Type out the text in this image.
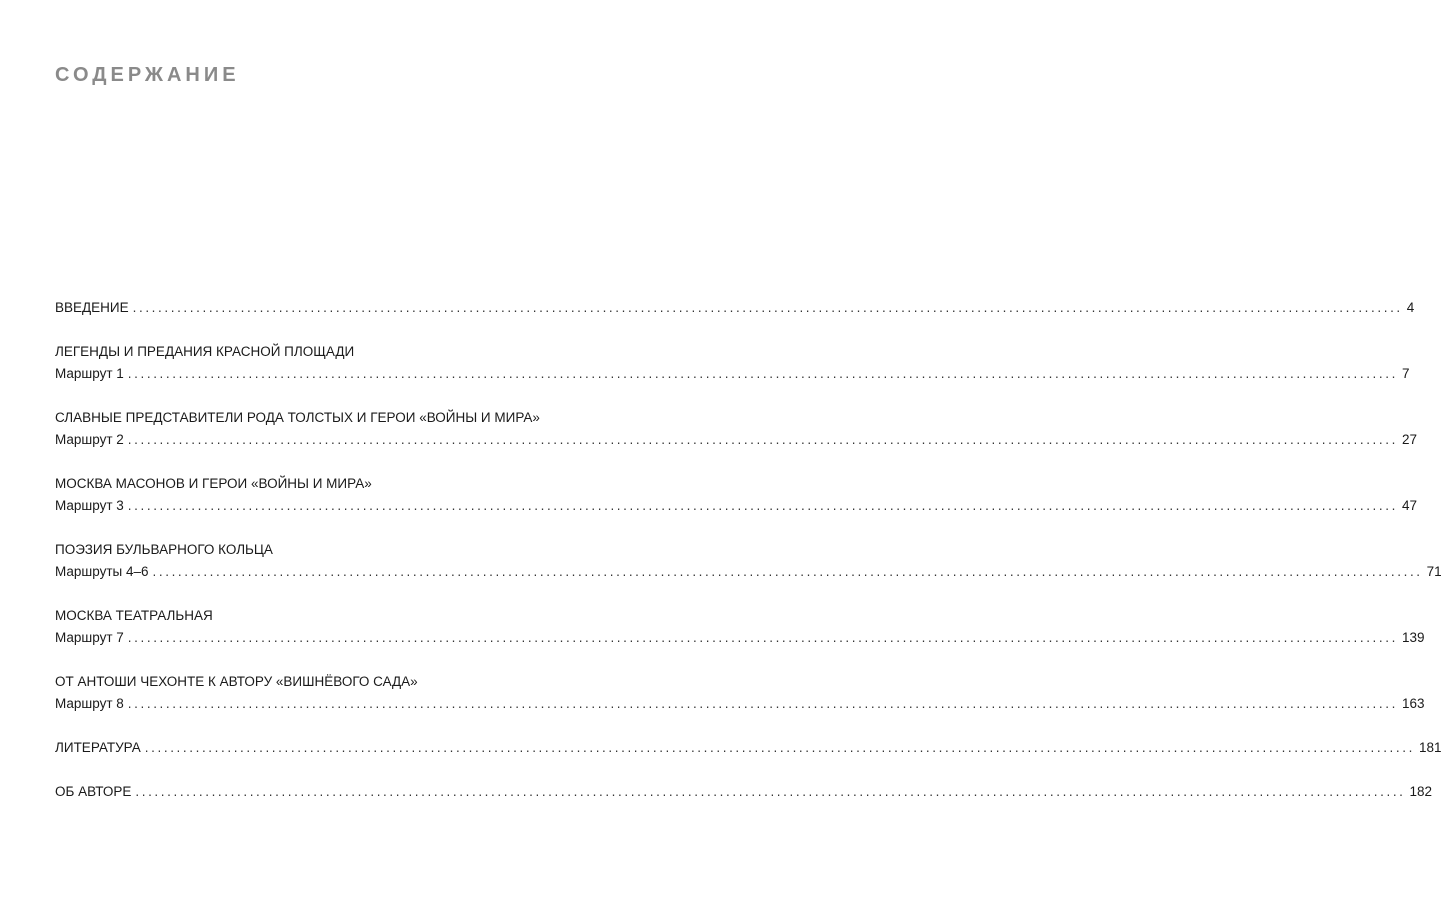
СОДЕРЖАНИЕ
ВВЕДЕНИЕ ........................................................................................................................................................................................................ 4
ЛЕГЕНДЫ И ПРЕДАНИЯ КРАСНОЙ ПЛОЩАДИ
Маршрут 1 ........................................................................................................................................................................................................ 7
СЛАВНЫЕ ПРЕДСТАВИТЕЛИ РОДА ТОЛСТЫХ И ГЕРОИ «ВОЙНЫ И МИРА»
Маршрут 2 ........................................................................................................................................................................................................ 27
МОСКВА МАСОНОВ И ГЕРОИ «ВОЙНЫ И МИРА»
Маршрут 3 ........................................................................................................................................................................................................ 47
ПОЭЗИЯ БУЛЬВАРНОГО КОЛЬЦА
Маршруты 4–6 ........................................................................................................................................................................................................ 71
МОСКВА ТЕАТРАЛЬНАЯ
Маршрут 7 ........................................................................................................................................................................................................ 139
ОТ АНТОШИ ЧЕХОНТЕ К АВТОРУ «ВИШНЁВОГО САДА»
Маршрут 8 ........................................................................................................................................................................................................ 163
ЛИТЕРАТУРА ........................................................................................................................................................................................................ 181
ОБ АВТОРЕ ........................................................................................................................................................................................................ 182
